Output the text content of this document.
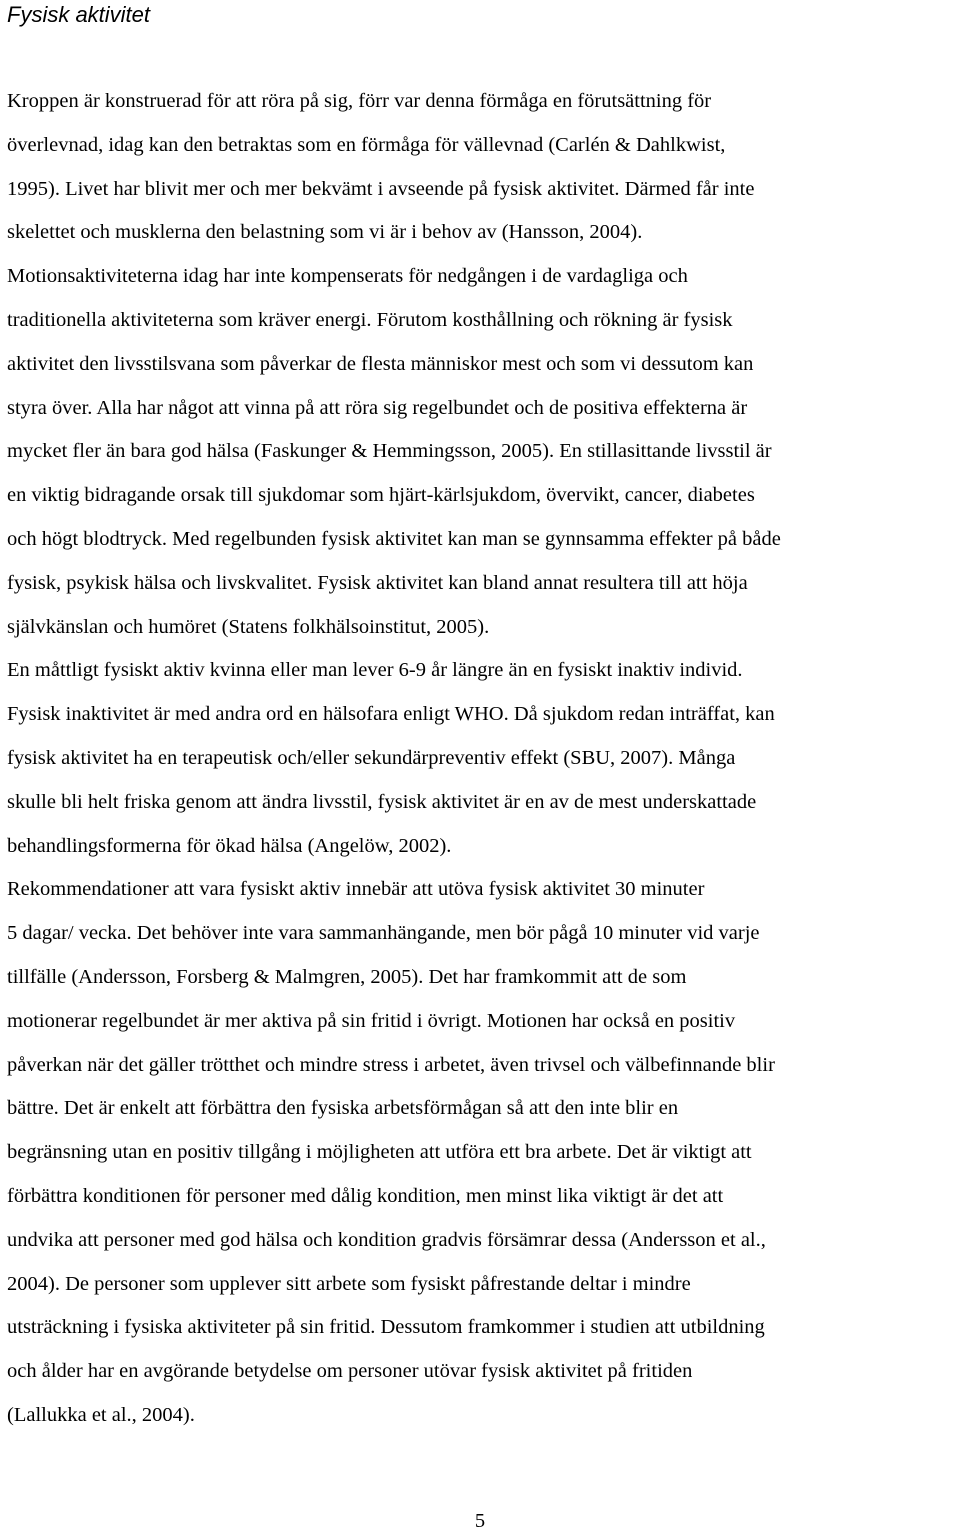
Fysisk aktivitet
Kroppen är konstruerad för att röra på sig, förr var denna förmåga en förutsättning för
överlevnad, idag kan den betraktas som en förmåga för vällevnad (Carlén & Dahlkwist,
1995). Livet har blivit mer och mer bekvämt i avseende på fysisk aktivitet. Därmed får inte
skelettet och musklerna den belastning som vi är i behov av (Hansson, 2004).
Motionsaktiviteterna idag har inte kompenserats för nedgången i de vardagliga och
traditionella aktiviteterna som kräver energi. Förutom kosthållning och rökning är fysisk
aktivitet den livsstilsvana som påverkar de flesta människor mest och som vi dessutom kan
styra över. Alla har något att vinna på att röra sig regelbundet och de positiva effekterna är
mycket fler än bara god hälsa (Faskunger & Hemmingsson, 2005). En stillasittande livsstil är
en viktig bidragande orsak till sjukdomar som hjärt-kärlsjukdom, övervikt, cancer, diabetes
och högt blodtryck. Med regelbunden fysisk aktivitet kan man se gynnsamma effekter på både
fysisk, psykisk hälsa och livskvalitet. Fysisk aktivitet kan bland annat resultera till att höja
självkänslan och humöret (Statens folkhälsoinstitut, 2005).
En måttligt fysiskt aktiv kvinna eller man lever 6-9 år längre än en fysiskt inaktiv individ.
Fysisk inaktivitet är med andra ord en hälsofara enligt WHO. Då sjukdom redan inträffat, kan
fysisk aktivitet ha en terapeutisk och/eller sekundärpreventiv effekt (SBU, 2007). Många
skulle bli helt friska genom att ändra livsstil, fysisk aktivitet är en av de mest underskattade
behandlingsformerna för ökad hälsa (Angelöw, 2002).
Rekommendationer att vara fysiskt aktiv innebär att utöva fysisk aktivitet 30 minuter
5 dagar/ vecka. Det behöver inte vara sammanhängande, men bör pågå 10 minuter vid varje
tillfälle (Andersson, Forsberg & Malmgren, 2005). Det har framkommit att de som
motionerar regelbundet är mer aktiva på sin fritid i övrigt. Motionen har också en positiv
påverkan när det gäller trötthet och mindre stress i arbetet, även trivsel och välbefinnande blir
bättre. Det är enkelt att förbättra den fysiska arbetsförmågan så att den inte blir en
begränsning utan en positiv tillgång i möjligheten att utföra ett bra arbete. Det är viktigt att
förbättra konditionen för personer med dålig kondition, men minst lika viktigt är det att
undvika att personer med god hälsa och kondition gradvis försämrar dessa (Andersson et al.,
2004). De personer som upplever sitt arbete som fysiskt påfrestande deltar i mindre
utsträckning i fysiska aktiviteter på sin fritid. Dessutom framkommer i studien att utbildning
och ålder har en avgörande betydelse om personer utövar fysisk aktivitet på fritiden
(Lallukka et al., 2004).
5
